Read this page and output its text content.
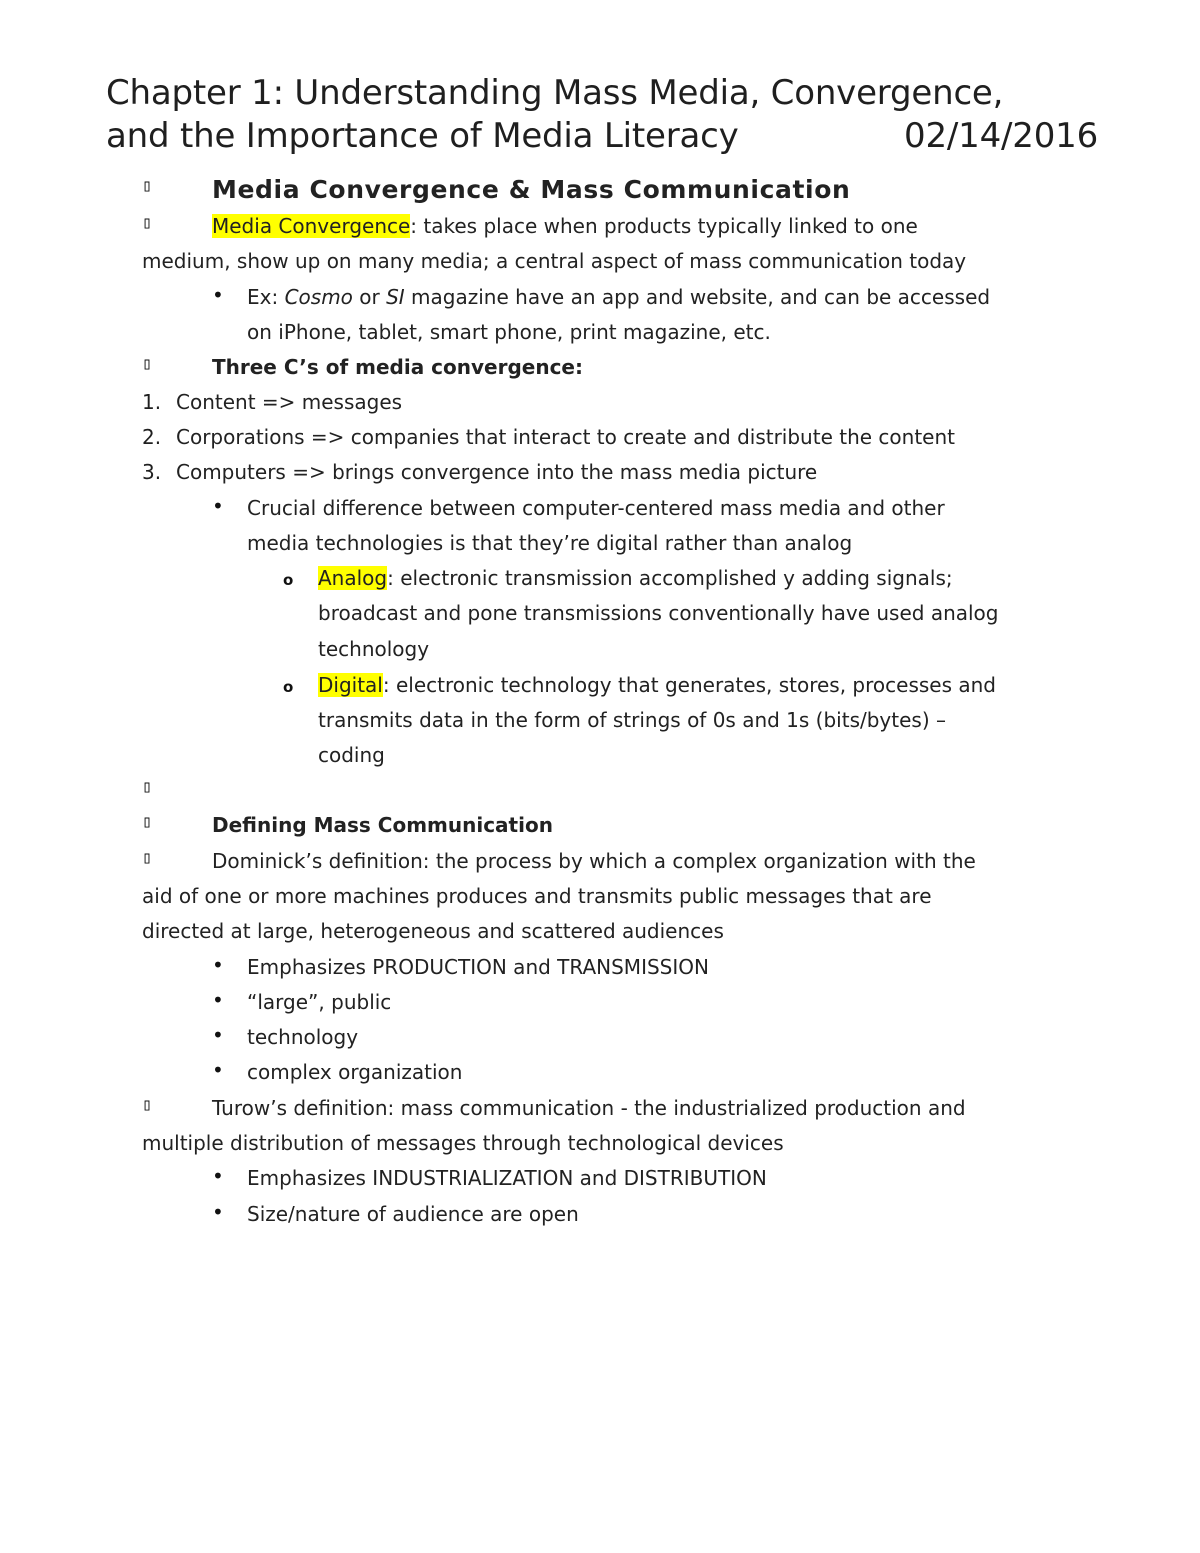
Chapter 1: Understanding Mass Media, Convergence,
and the Importance of Media Literacy	02/14/2016
▯ Media Convergence & Mass Communication
▯	Media Convergence: takes place when products typically linked to one
medium, show up on many media; a central aspect of mass communication today
• Ex: Cosmo or SI magazine have an app and website, and can be accessed
on iPhone, tablet, smart phone, print magazine, etc.
▯	Three C’s of media convergence:
1. Content => messages
2. Corporations => companies that interact to create and distribute the content
3. Computers => brings convergence into the mass media picture
• Crucial difference between computer-centered mass media and other
media technologies is that they’re digital rather than analog
o Analog: electronic transmission accomplished y adding signals;
broadcast and pone transmissions conventionally have used analog
technology
o Digital: electronic technology that generates, stores, processes and
transmits data in the form of strings of 0s and 1s (bits/bytes) –
coding
▯
▯	Defining Mass Communication
▯	Dominick’s definition: the process by which a complex organization with the
aid of one or more machines produces and transmits public messages that are
directed at large, heterogeneous and scattered audiences
• Emphasizes PRODUCTION and TRANSMISSION
• “large”, public
• technology
• complex organization
▯	Turow’s definition: mass communication - the industrialized production and
multiple distribution of messages through technological devices
• Emphasizes INDUSTRIALIZATION and DISTRIBUTION
• Size/nature of audience are open
